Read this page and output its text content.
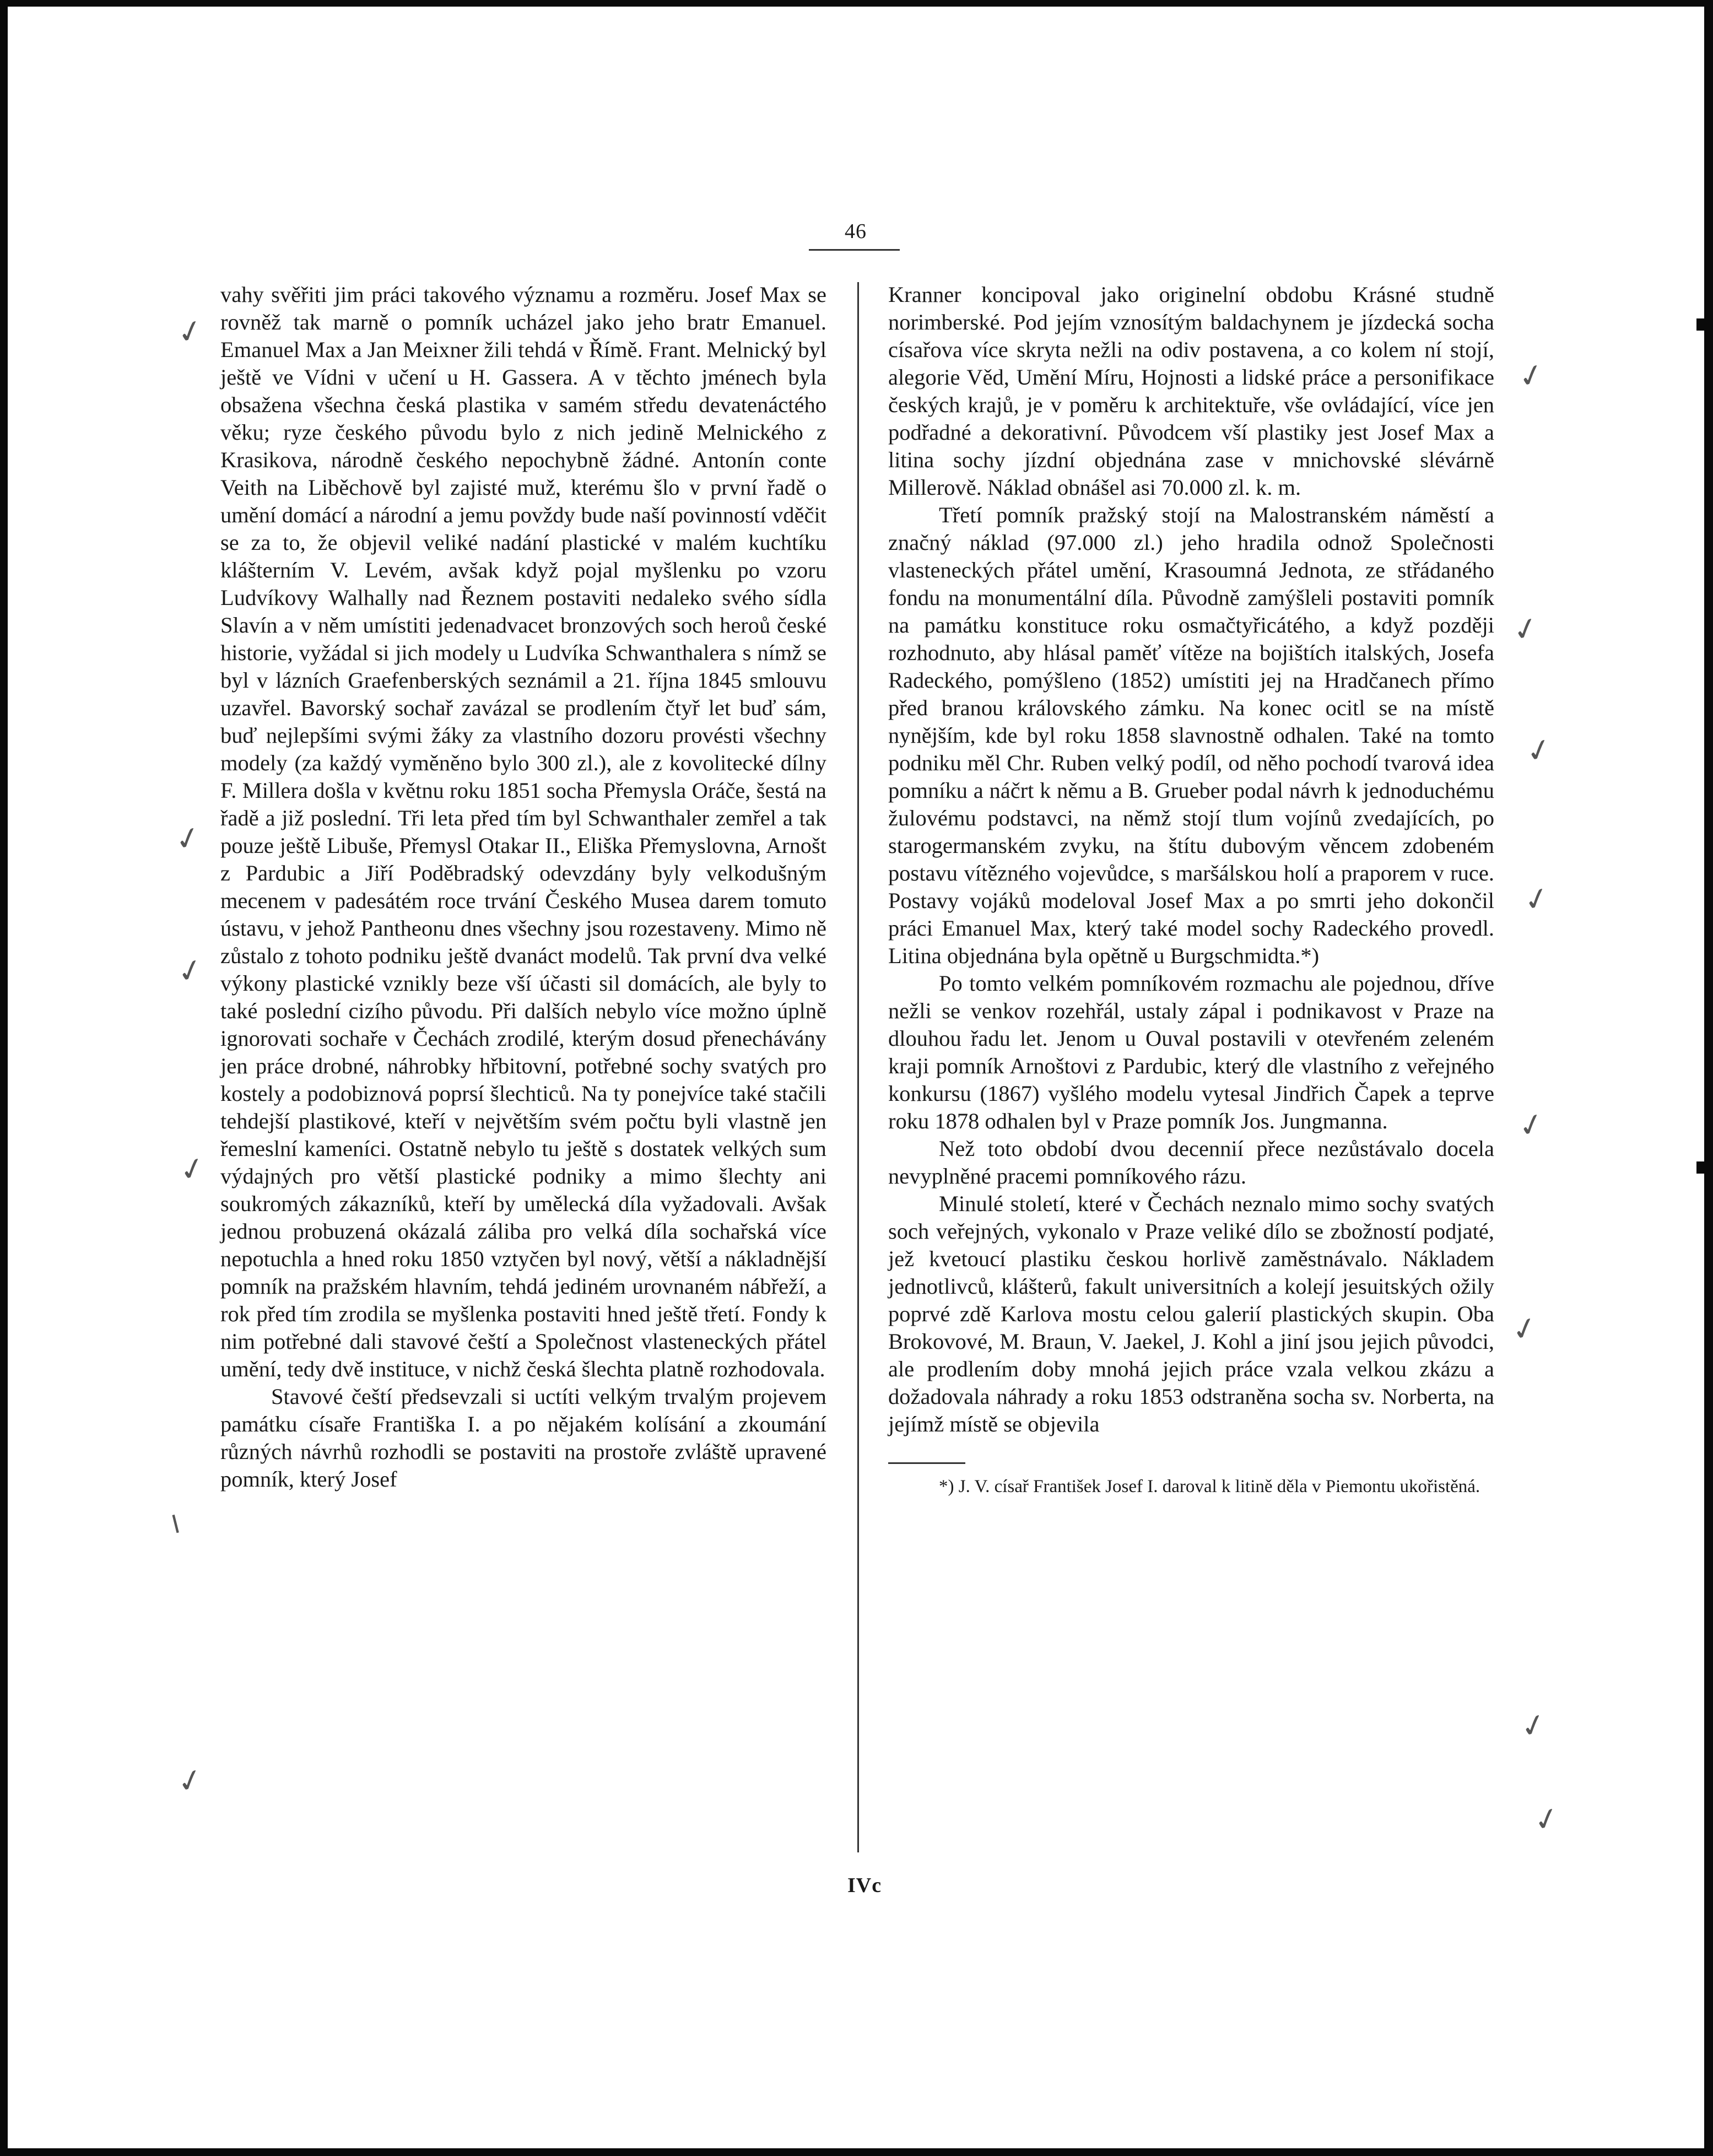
46

vahy svěřiti jim práci takového významu a rozměru. Josef Max se rovněž tak marně o pomník ucházel jako jeho bratr Emanuel. Emanuel Max a Jan Meixner žili tehdá v Římě. Frant. Melnický byl ještě ve Vídni v učení u H. Gassera. A v těchto jménech byla obsažena všechna česká plastika v samém středu devatenáctého věku; ryze českého původu bylo z nich jedině Melnického z Krasikova, národně českého nepochybně žádné. Antonín conte Veith na Liběchově byl zajisté muž, kterému šlo v první řadě o umění domácí a národní a jemu povždy bude naší povinností vděčit se za to, že objevil veliké nadání plastické v malém kuchtíku klášterním V. Levém, avšak když pojal myšlenku po vzoru Ludvíkovy Walhally nad Řeznem postaviti nedaleko svého sídla Slavín a v něm umístiti jedenadvacet bronzových soch heroů české historie, vyžádal si jich modely u Ludvíka Schwanthalera s nímž se byl v lázních Graefenberských seznámil a 21. října 1845 smlouvu uzavřel. Bavorský sochař zavázal se prodlením čtyř let buď sám, buď nejlepšími svými žáky za vlastního dozoru provésti všechny modely (za každý vyměněno bylo 300 zl.), ale z kovolitecké dílny F. Millera došla v květnu roku 1851 socha Přemysla Oráče, šestá na řadě a již poslední. Tři leta před tím byl Schwanthaler zemřel a tak pouze ještě Libuše, Přemysl Otakar II., Eliška Přemyslovna, Arnošt z Pardubic a Jiří Poděbradský odevzdány byly velkodušným mecenem v padesátém roce trvání Českého Musea darem tomuto ústavu, v jehož Pantheonu dnes všechny jsou rozestaveny. Mimo ně zůstalo z tohoto podniku ještě dvanáct modelů. Tak první dva velké výkony plastické vznikly beze vší účasti sil domácích, ale byly to také poslední cizího původu. Při dalších nebylo více možno úplně ignorovati sochaře v Čechách zrodilé, kterým dosud přenechávány jen práce drobné, náhrobky hřbitovní, potřebné sochy svatých pro kostely a podobiznová poprsí šlechticů. Na ty ponejvíce také stačili tehdejší plastikové, kteří v největším svém počtu byli vlastně jen řemeslní kameníci. Ostatně nebylo tu ještě s dostatek velkých sum výdajných pro větší plastické podniky a mimo šlechty ani soukromých zákazníků, kteří by umělecká díla vyžadovali. Avšak jednou probuzená okázalá záliba pro velká díla sochařská více nepotuchla a hned roku 1850 vztyčen byl nový, větší a nákladnější pomník na pražském hlavním, tehdá jediném urovnaném nábřeží, a rok před tím zrodila se myšlenka postaviti hned ještě třetí. Fondy k nim potřebné dali stavové čeští a Společnost vlasteneckých přátel umění, tedy dvě instituce, v nichž česká šlechta platně rozhodovala.

Stavové čeští předsevzali si uctíti velkým trvalým projevem památku císaře Františka I. a po nějakém kolísání a zkoumání různých návrhů rozhodli se postaviti na prostoře zvláště upravené pomník, který Josef

Kranner koncipoval jako originelní obdobu Krásné studně norimberské. Pod jejím vznosítým baldachynem je jízdecká socha císařova více skryta nežli na odiv postavena, a co kolem ní stojí, alegorie Věd, Umění Míru, Hojnosti a lidské práce a personifikace českých krajů, je v poměru k architektuře, vše ovládající, více jen podřadné a dekorativní. Původcem vší plastiky jest Josef Max a litina sochy jízdní objednána zase v mnichovské slévárně Millerově. Náklad obnášel asi 70.000 zl. k. m.

Třetí pomník pražský stojí na Malostranském náměstí a značný náklad (97.000 zl.) jeho hradila odnož Společnosti vlasteneckých přátel umění, Krasoumná Jednota, ze střádaného fondu na monumentální díla. Původně zamýšleli postaviti pomník na památku konstituce roku osmačtyřicátého, a když později rozhodnuto, aby hlásal paměť vítěze na bojištích italských, Josefa Radeckého, pomýšleno (1852) umístiti jej na Hradčanech přímo před branou královského zámku. Na konec ocitl se na místě nynějším, kde byl roku 1858 slavnostně odhalen. Také na tomto podniku měl Chr. Ruben velký podíl, od něho pochodí tvarová idea pomníku a náčrt k němu a B. Grueber podal návrh k jednoduchému žulovému podstavci, na němž stojí tlum vojínů zvedajících, po starogermanském zvyku, na štítu dubovým věncem zdobeném postavu vítězného vojevůdce, s maršálskou holí a praporem v ruce. Postavy vojáků modeloval Josef Max a po smrti jeho dokončil práci Emanuel Max, který také model sochy Radeckého provedl. Litina objednána byla opětně u Burgschmidta.*)

Po tomto velkém pomníkovém rozmachu ale pojednou, dříve nežli se venkov rozehřál, ustaly zápal i podnikavost v Praze na dlouhou řadu let. Jenom u Ouval postavili v otevřeném zeleném kraji pomník Arnoštovi z Pardubic, který dle vlastního z veřejného konkursu (1867) vyšlého modelu vytesal Jindřich Čapek a teprve roku 1878 odhalen byl v Praze pomník Jos. Jungmanna.

Než toto období dvou decennií přece nezůstávalo docela nevyplněné pracemi pomníkového rázu.

Minulé století, které v Čechách neznalo mimo sochy svatých soch veřejných, vykonalo v Praze veliké dílo se zbožností podjaté, jež kvetoucí plastiku českou horlivě zaměstnávalo. Nákladem jednotlivců, klášterů, fakult universitních a kolejí jesuitských ožily poprvé zdě Karlova mostu celou galerií plastických skupin. Oba Brokovové, M. Braun, V. Jaekel, J. Kohl a jiní jsou jejich původci, ale prodlením doby mnohá jejich práce vzala velkou zkázu a dožadovala náhrady a roku 1853 odstraněna socha sv. Norberta, na jejímž místě se objevila

*) J. V. císař František Josef I. daroval k litině děla v Piemontu ukořistěná.

IVc
✓
✓
✓
✓
╵
✓
✓
✓
✓
✓
✓
✓
✓
✓
